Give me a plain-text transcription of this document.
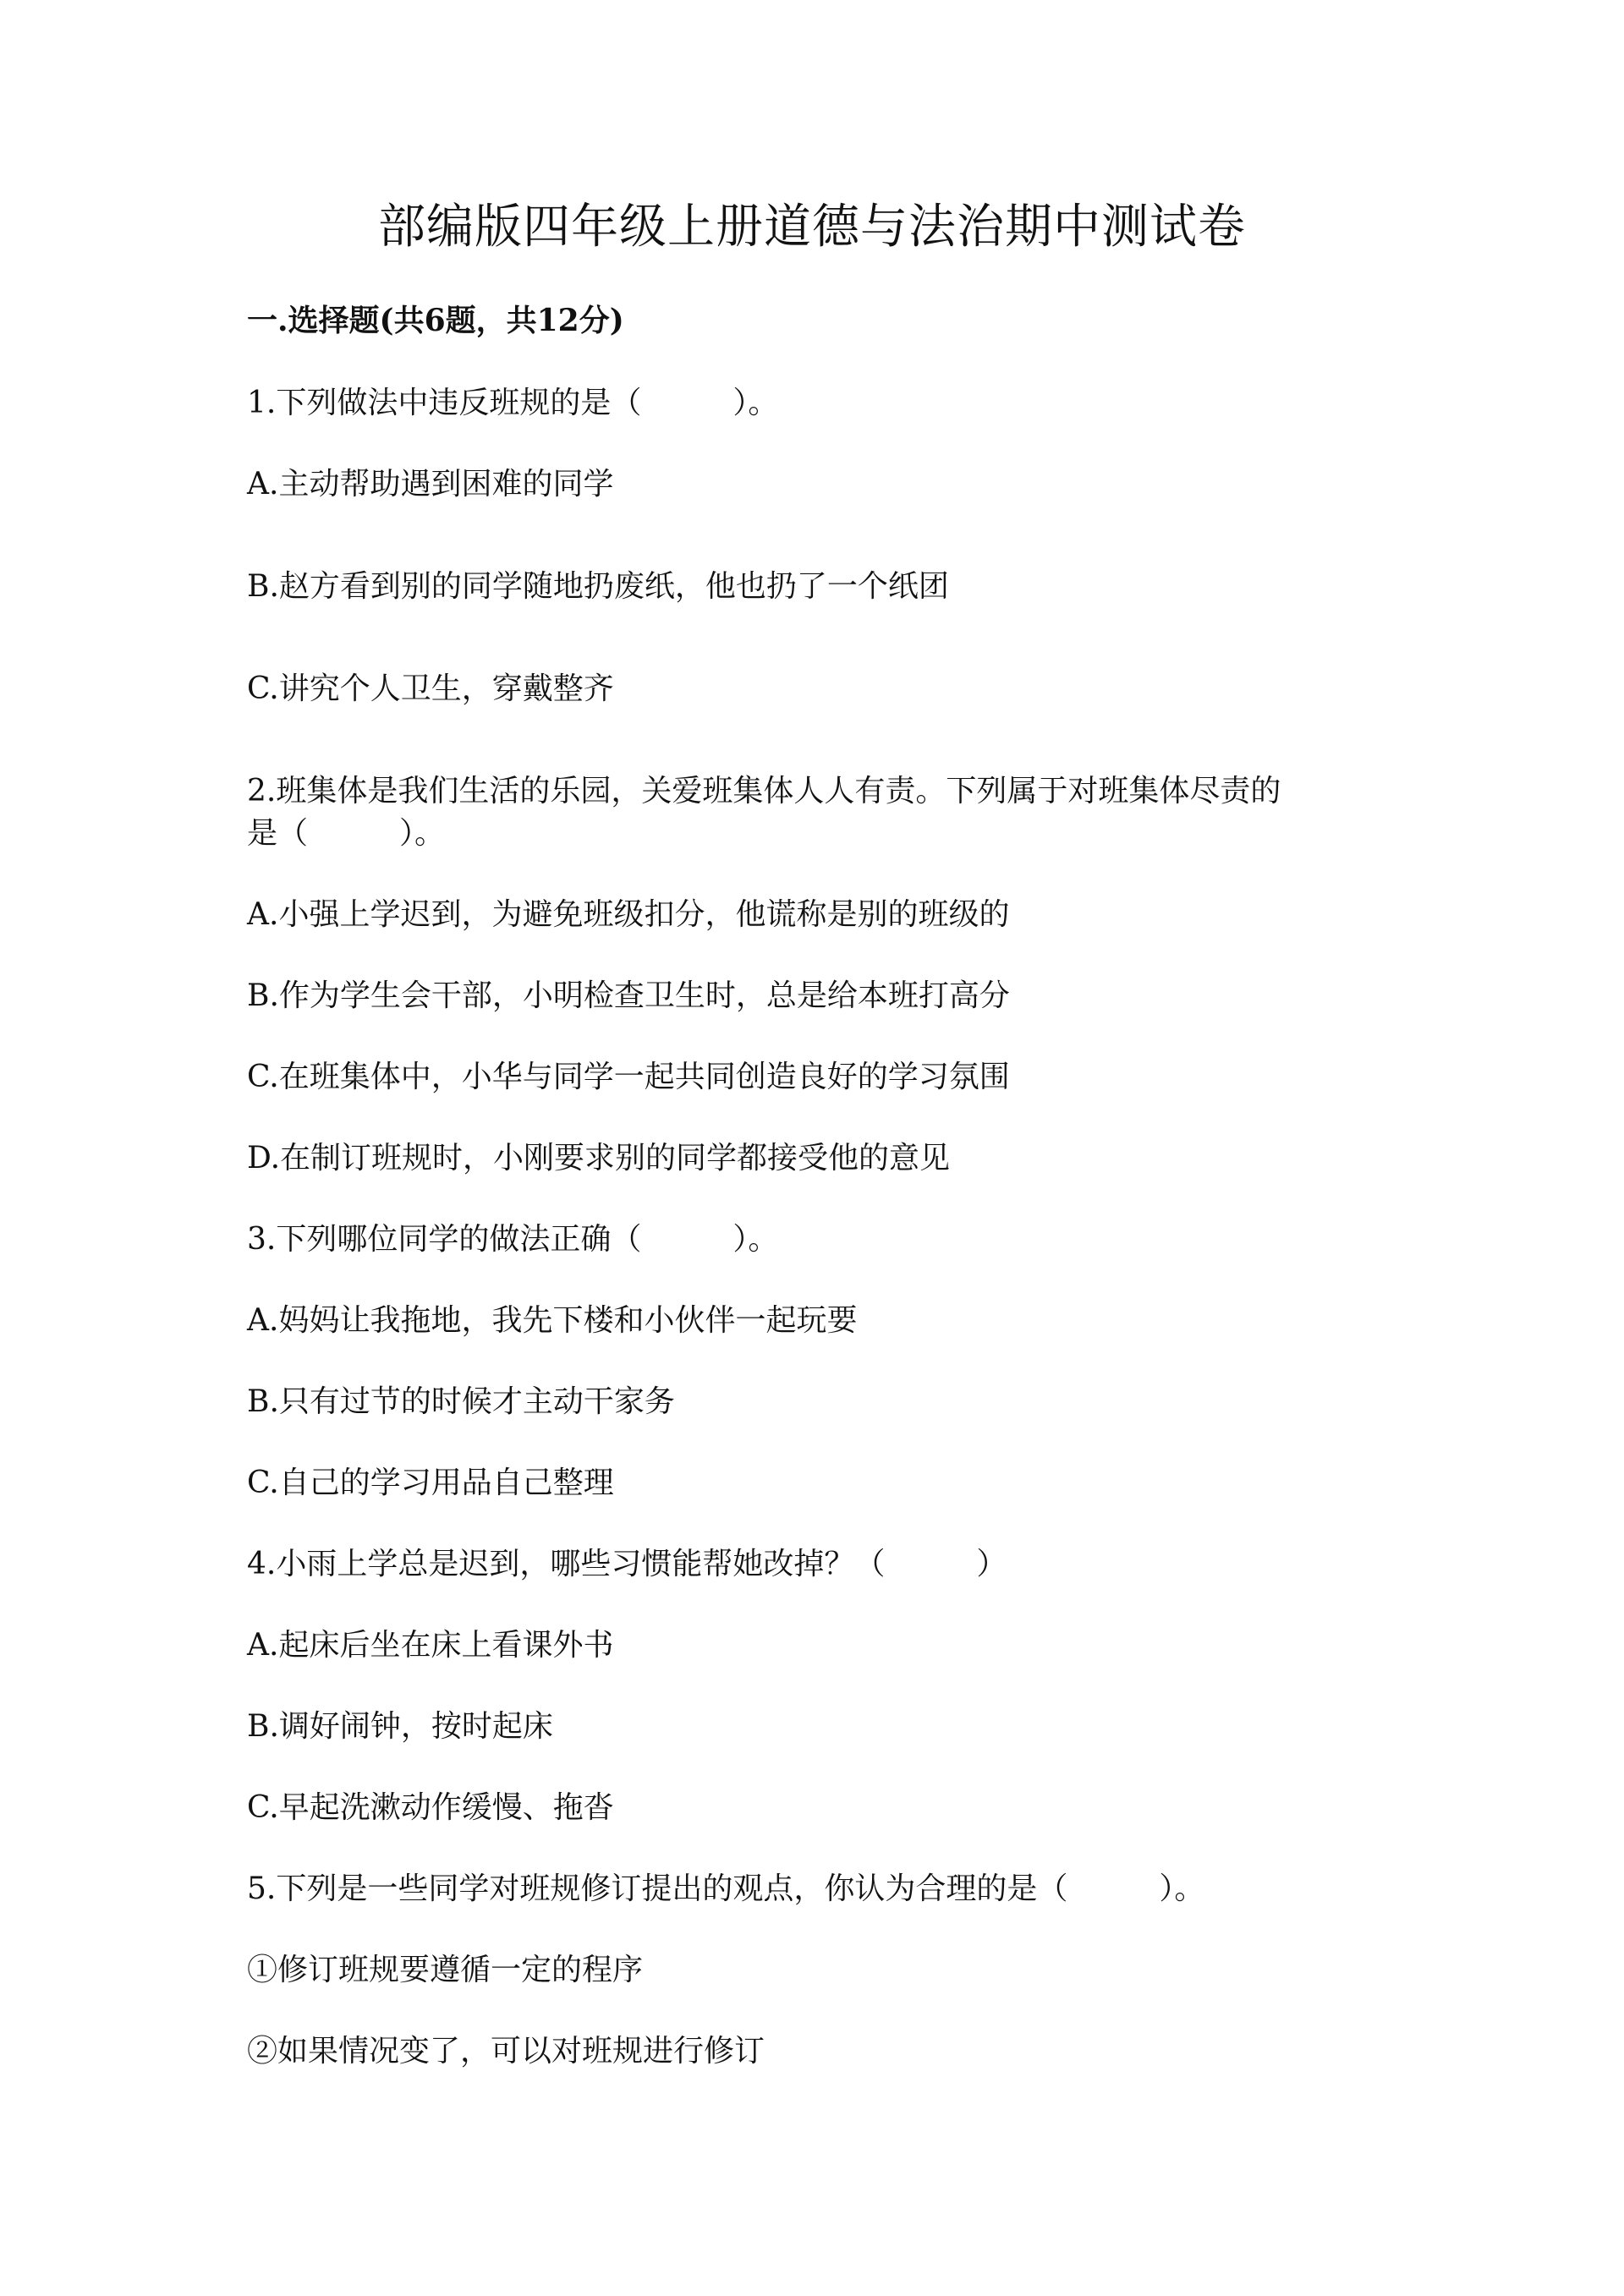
部编版四年级上册道德与法治期中测试卷
一.选择题(共6题，共12分)
1.下列做法中违反班规的是（　　　）。
A.主动帮助遇到困难的同学
B.赵方看到别的同学随地扔废纸，他也扔了一个纸团
C.讲究个人卫生，穿戴整齐
2.班集体是我们生活的乐园，关爱班集体人人有责。下列属于对班集体尽责的
是（　　　）。
A.小强上学迟到，为避免班级扣分，他谎称是别的班级的
B.作为学生会干部，小明检查卫生时，总是给本班打高分
C.在班集体中，小华与同学一起共同创造良好的学习氛围
D.在制订班规时，小刚要求别的同学都接受他的意见
3.下列哪位同学的做法正确（　　　）。
A.妈妈让我拖地，我先下楼和小伙伴一起玩要
B.只有过节的时候才主动干家务
C.自己的学习用品自己整理
4.小雨上学总是迟到，哪些习惯能帮她改掉？（　　　）
A.起床后坐在床上看课外书
B.调好闹钟，按时起床
C.早起洗漱动作缓慢、拖沓
5.下列是一些同学对班规修订提出的观点，你认为合理的是（　　　）。
①修订班规要遵循一定的程序
②如果情况变了，可以对班规进行修订
